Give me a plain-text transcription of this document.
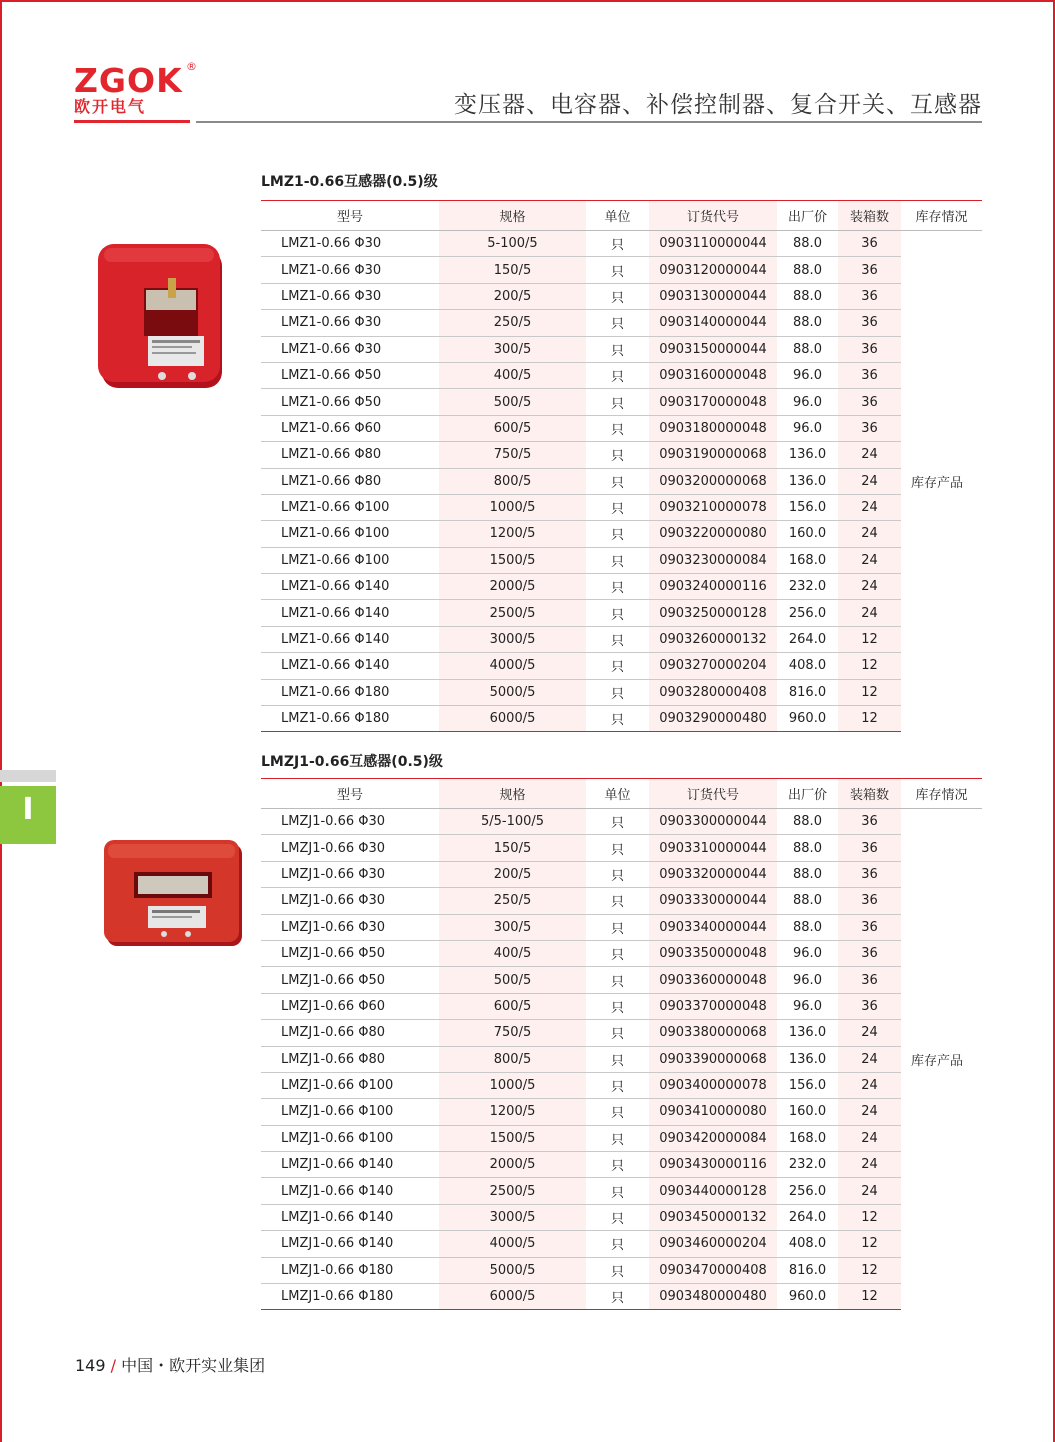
ZGOK ®
欧开电气	变压器、电容器、补偿控制器、复合开关、互感器
I
LMZ1-0.66互感器(0.5)级
型号	规格	单位	订货代号	出厂价	装箱数	库存情况
LMZ1-0.66 Φ30	5-100/5	只	0903110000044	88.0	36	库存产品
LMZ1-0.66 Φ30	150/5	只	0903120000044	88.0	36	
LMZ1-0.66 Φ30	200/5	只	0903130000044	88.0	36	
LMZ1-0.66 Φ30	250/5	只	0903140000044	88.0	36	
LMZ1-0.66 Φ30	300/5	只	0903150000044	88.0	36	
LMZ1-0.66 Φ50	400/5	只	0903160000048	96.0	36	
LMZ1-0.66 Φ50	500/5	只	0903170000048	96.0	36	
LMZ1-0.66 Φ60	600/5	只	0903180000048	96.0	36	
LMZ1-0.66 Φ80	750/5	只	0903190000068	136.0	24	
LMZ1-0.66 Φ80	800/5	只	0903200000068	136.0	24	
LMZ1-0.66 Φ100	1000/5	只	0903210000078	156.0	24	
LMZ1-0.66 Φ100	1200/5	只	0903220000080	160.0	24	
LMZ1-0.66 Φ100	1500/5	只	0903230000084	168.0	24	
LMZ1-0.66 Φ140	2000/5	只	0903240000116	232.0	24	
LMZ1-0.66 Φ140	2500/5	只	0903250000128	256.0	24	
LMZ1-0.66 Φ140	3000/5	只	0903260000132	264.0	12	
LMZ1-0.66 Φ140	4000/5	只	0903270000204	408.0	12	
LMZ1-0.66 Φ180	5000/5	只	0903280000408	816.0	12	
LMZ1-0.66 Φ180	6000/5	只	0903290000480	960.0	12	
LMZJ1-0.66互感器(0.5)级
型号	规格	单位	订货代号	出厂价	装箱数	库存情况
LMZJ1-0.66 Φ30	5/5-100/5	只	0903300000044	88.0	36	库存产品
LMZJ1-0.66 Φ30	150/5	只	0903310000044	88.0	36	
LMZJ1-0.66 Φ30	200/5	只	0903320000044	88.0	36	
LMZJ1-0.66 Φ30	250/5	只	0903330000044	88.0	36	
LMZJ1-0.66 Φ30	300/5	只	0903340000044	88.0	36	
LMZJ1-0.66 Φ50	400/5	只	0903350000048	96.0	36	
LMZJ1-0.66 Φ50	500/5	只	0903360000048	96.0	36	
LMZJ1-0.66 Φ60	600/5	只	0903370000048	96.0	36	
LMZJ1-0.66 Φ80	750/5	只	0903380000068	136.0	24	
LMZJ1-0.66 Φ80	800/5	只	0903390000068	136.0	24	
LMZJ1-0.66 Φ100	1000/5	只	0903400000078	156.0	24	
LMZJ1-0.66 Φ100	1200/5	只	0903410000080	160.0	24	
LMZJ1-0.66 Φ100	1500/5	只	0903420000084	168.0	24	
LMZJ1-0.66 Φ140	2000/5	只	0903430000116	232.0	24	
LMZJ1-0.66 Φ140	2500/5	只	0903440000128	256.0	24	
LMZJ1-0.66 Φ140	3000/5	只	0903450000132	264.0	12	
LMZJ1-0.66 Φ140	4000/5	只	0903460000204	408.0	12	
LMZJ1-0.66 Φ180	5000/5	只	0903470000408	816.0	12	
LMZJ1-0.66 Φ180	6000/5	只	0903480000480	960.0	12	
149 / 中国・欧开实业集团
